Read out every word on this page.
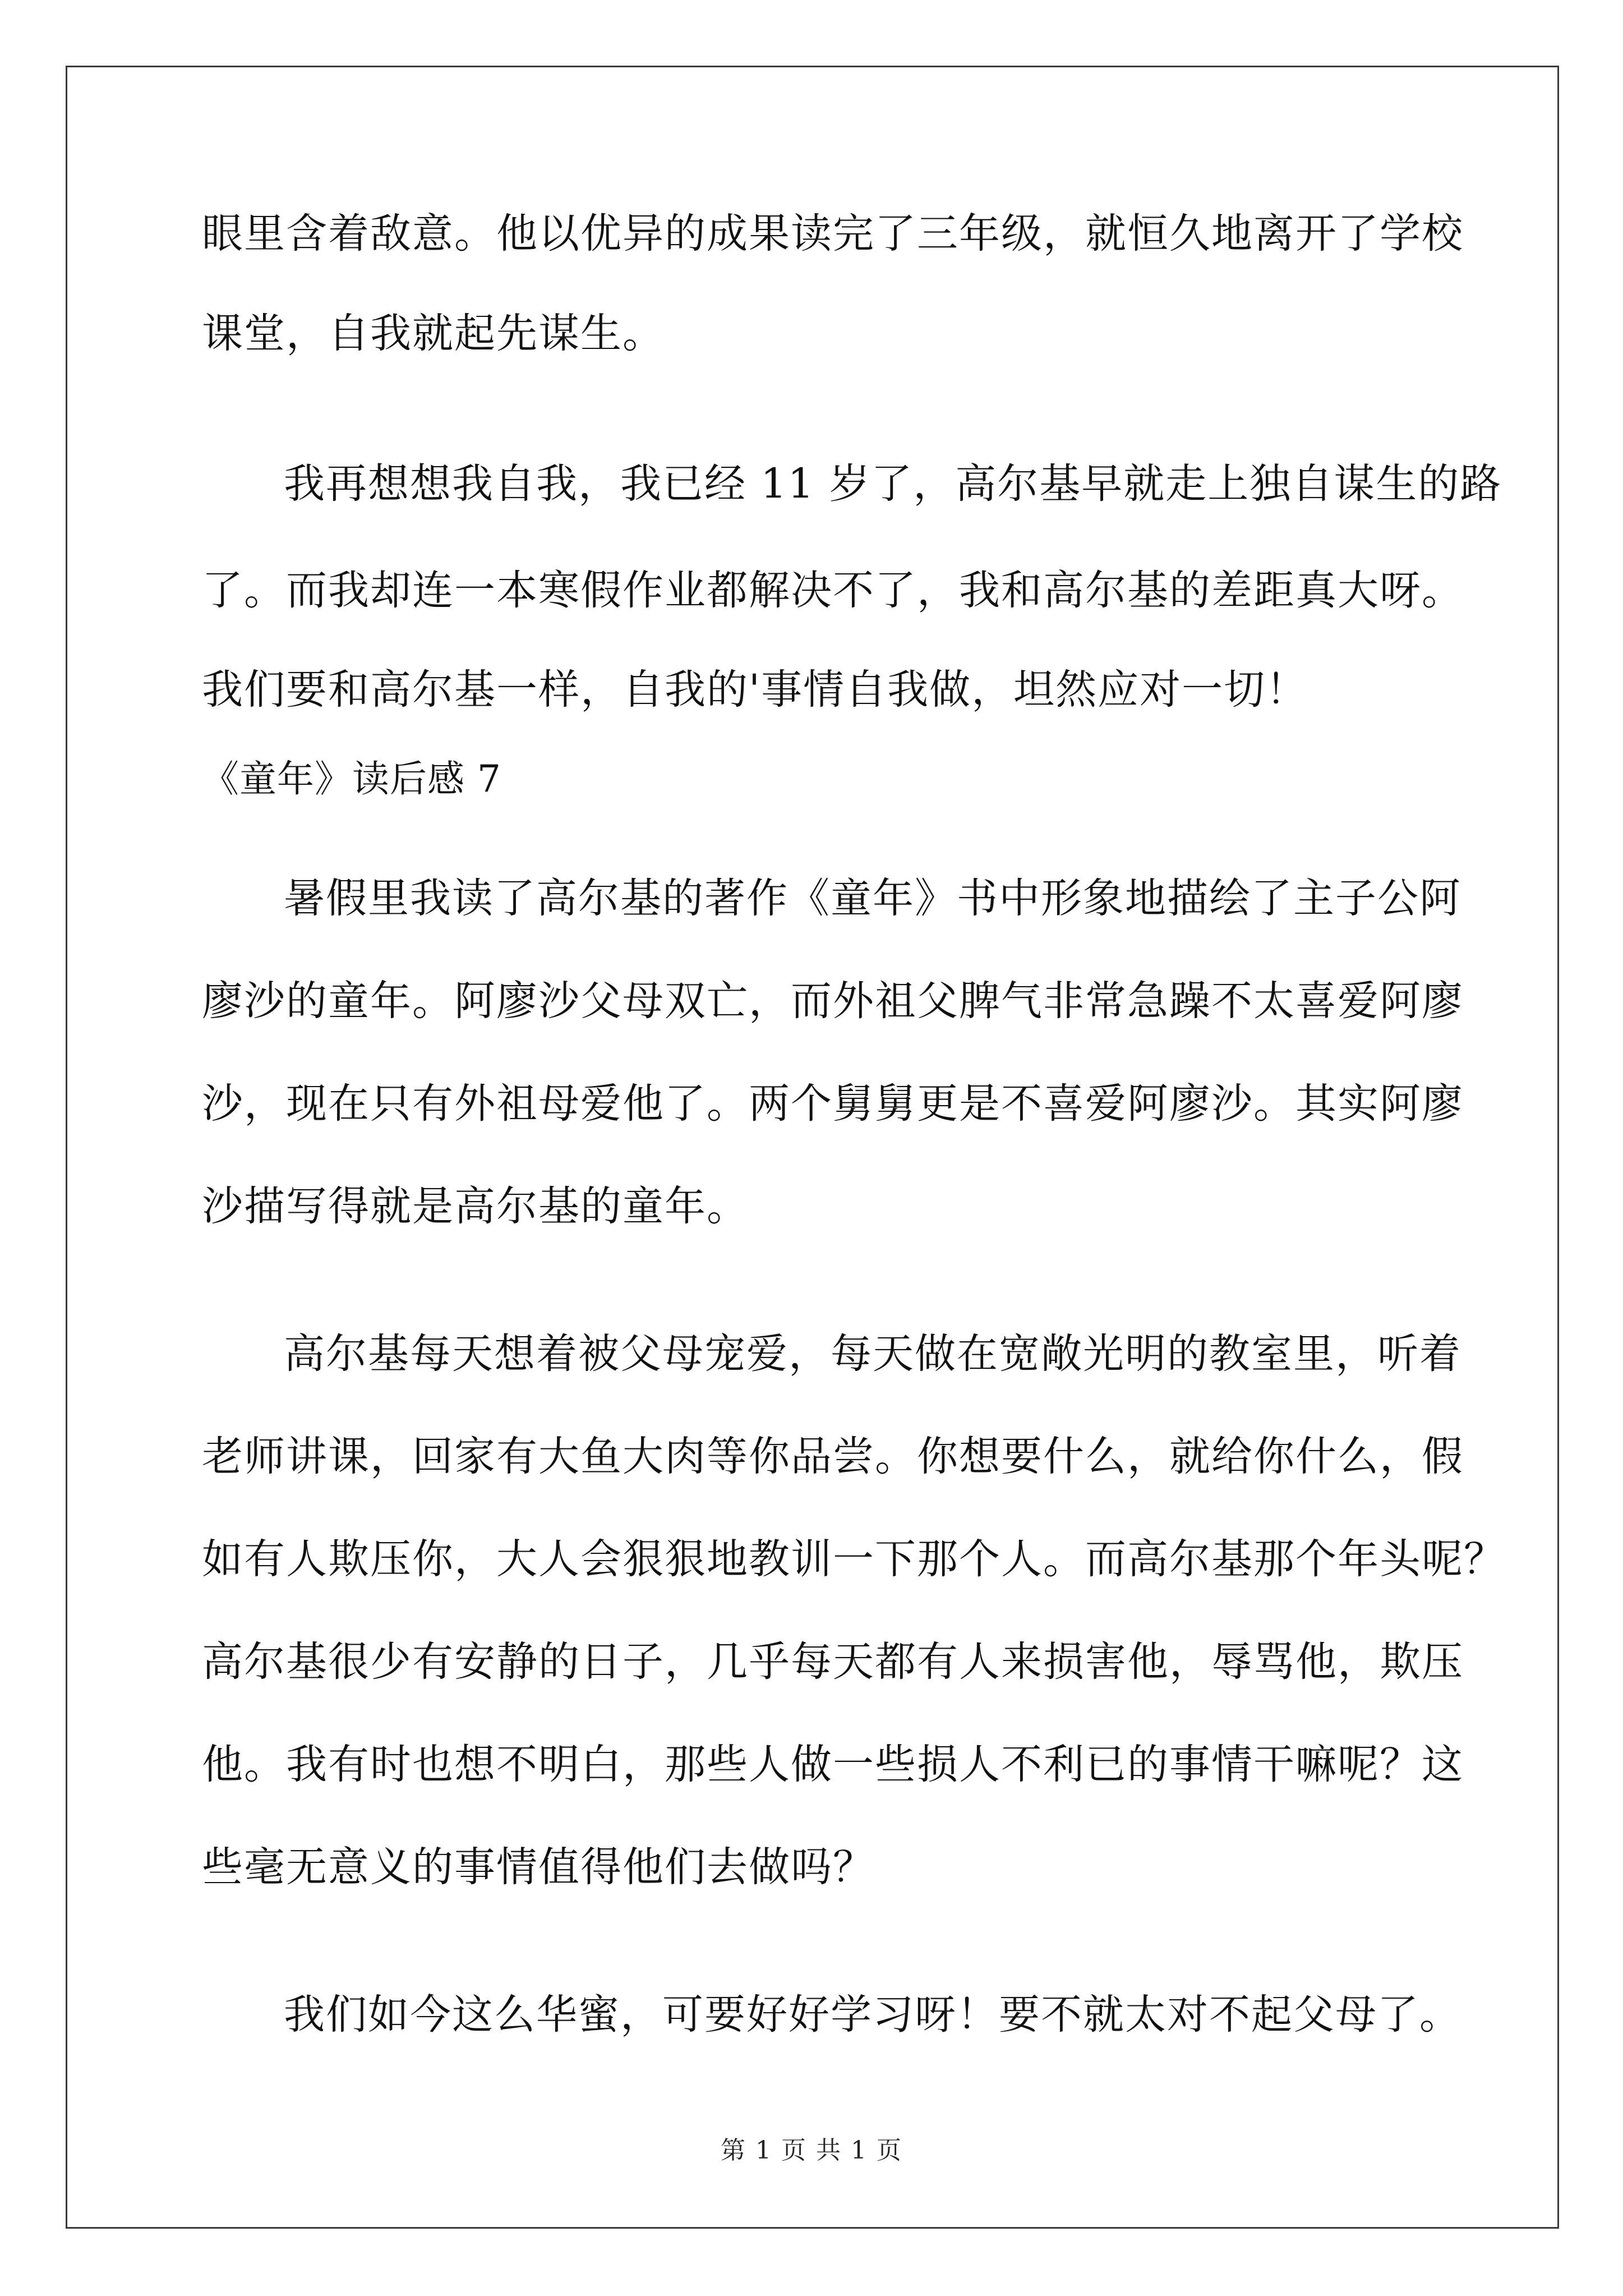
眼里含着敌意。他以优异的成果读完了三年级，就恒久地离开了学校

课堂，自我就起先谋生。

我再想想我自我，我已经 11 岁了，高尔基早就走上独自谋生的路

了。而我却连一本寒假作业都解决不了，我和高尔基的差距真大呀。

我们要和高尔基一样，自我的'事情自我做，坦然应对一切！

《童年》读后感 7

暑假里我读了高尔基的著作《童年》书中形象地描绘了主子公阿

廖沙的童年。阿廖沙父母双亡，而外祖父脾气非常急躁不太喜爱阿廖

沙，现在只有外祖母爱他了。两个舅舅更是不喜爱阿廖沙。其实阿廖

沙描写得就是高尔基的童年。

高尔基每天想着被父母宠爱，每天做在宽敞光明的教室里，听着

老师讲课，回家有大鱼大肉等你品尝。你想要什么，就给你什么，假

如有人欺压你，大人会狠狠地教训一下那个人。而高尔基那个年头呢？

高尔基很少有安静的日子，几乎每天都有人来损害他，辱骂他，欺压

他。我有时也想不明白，那些人做一些损人不利已的事情干嘛呢？这

些毫无意义的事情值得他们去做吗？

我们如今这么华蜜，可要好好学习呀！要不就太对不起父母了。

第 1 页 共 1 页
